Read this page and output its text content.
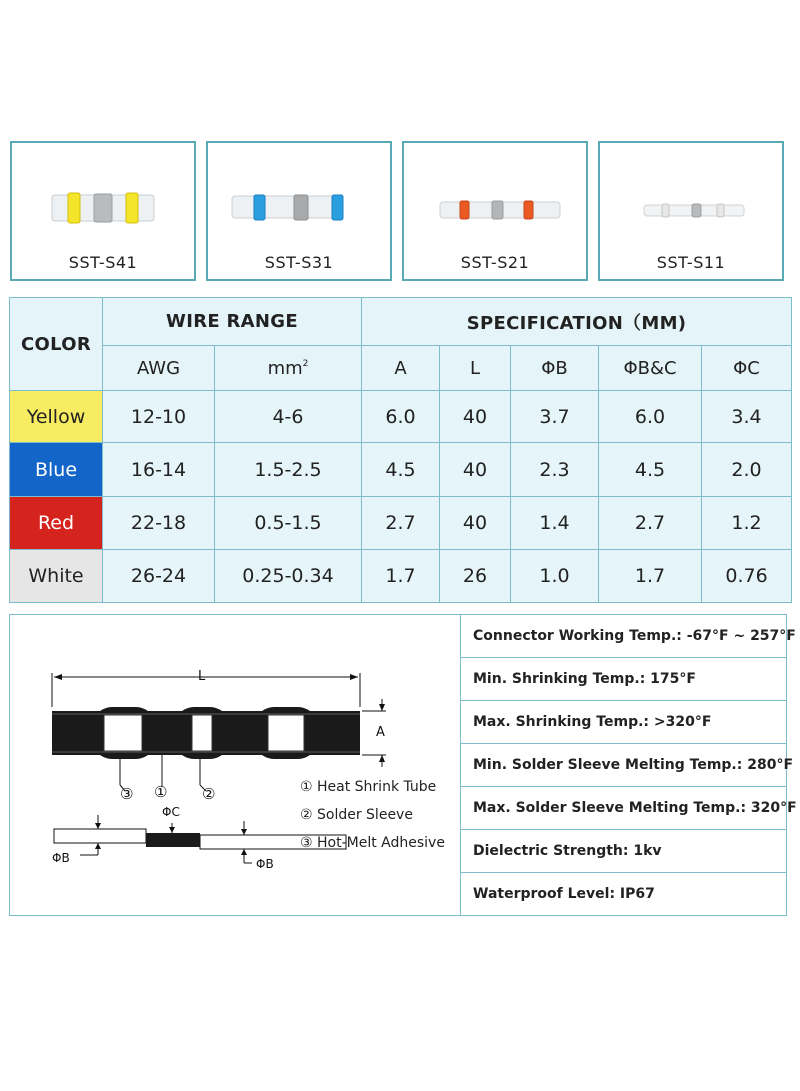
SST-S41	SST-S31	SST-S21	SST-S11
COLOR	WIRE RANGE		SPECIFICATION（MM)				
	AWG	$mm^2$	A	L	ΦB	ΦB&C	ΦC
Yellow	12-10	4-6	6.0	40	3.7	6.0	3.4
Blue	16-14	1.5-2.5	4.5	40	2.3	4.5	2.0
Red	22-18	0.5-1.5	2.7	40	1.4	2.7	1.2
White	26-24	0.25-0.34	1.7	26	1.0	1.7	0.76
L
A
③ ① ②
ΦC
ΦB	ΦB
① Heat Shrink Tube
② Solder Sleeve
③ Hot-Melt Adhesive
Connector Working Temp.: -67°F ~ 257°F
Min. Shrinking Temp.: 175°F
Max. Shrinking Temp.: >320°F
Min. Solder Sleeve Melting Temp.: 280°F
Max. Solder Sleeve Melting Temp.: 320°F
Dielectric Strength: 1kv
Waterproof Level: IP67
